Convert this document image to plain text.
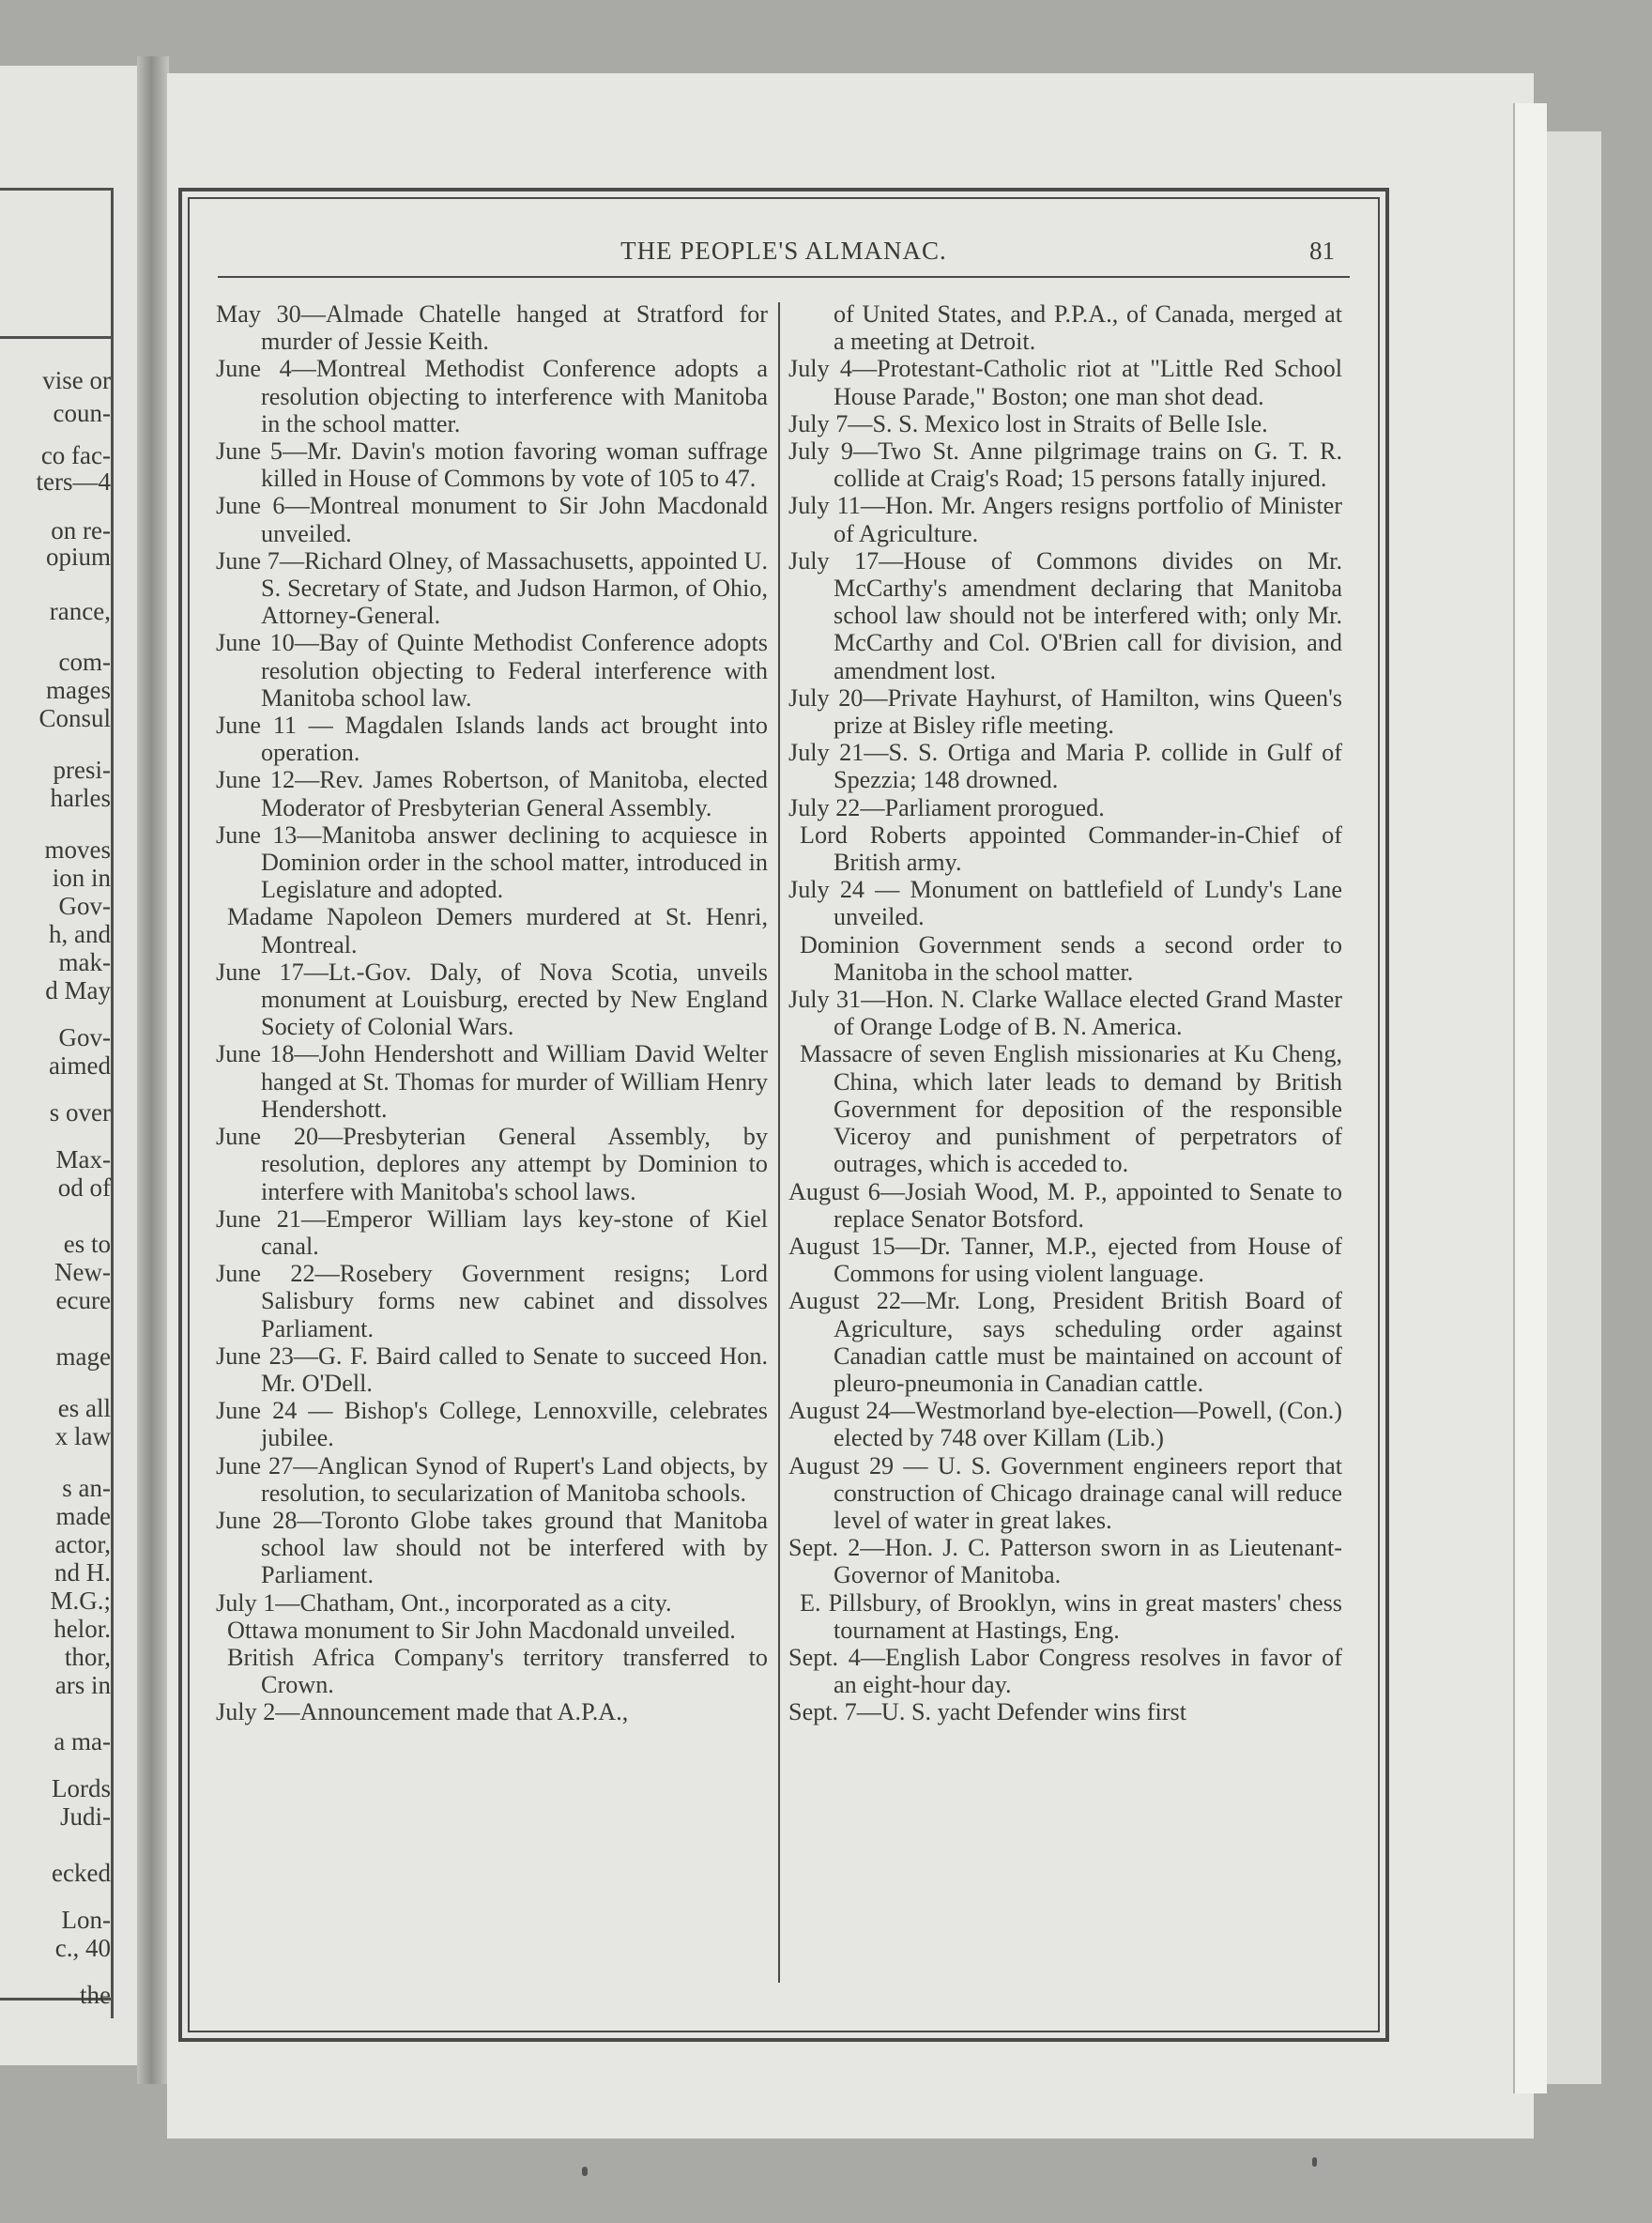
vise or
coun-
co fac-
ters—4
on re-
opium
rance,
com-
mages
Consul
presi-
harles
moves
ion in
Gov-
h, and
mak-
d May
Gov-
aimed
s over
Max-
od of
es to
New-
ecure
mage
es all
x law
s an-
made
actor,
nd H.
M.G.;
helor.
thor,
ars in
a ma-
Lords
Judi-
ecked
Lon-
c., 40
the
THE PEOPLE'S ALMANAC.	81

May 30—Almade Chatelle hanged at Stratford for murder of Jessie Keith.

June 4—Montreal Methodist Conference adopts a resolution objecting to interference with Manitoba in the school matter.

June 5—Mr. Davin's motion favoring woman suffrage killed in House of Commons by vote of 105 to 47.

June 6—Montreal monument to Sir John Macdonald unveiled.

June 7—Richard Olney, of Massachusetts, appointed U. S. Secretary of State, and Judson Harmon, of Ohio, Attorney-General.

June 10—Bay of Quinte Methodist Conference adopts resolution objecting to Federal interference with Manitoba school law.

June 11 — Magdalen Islands lands act brought into operation.

June 12—Rev. James Robertson, of Manitoba, elected Moderator of Presbyterian General Assembly.

June 13—Manitoba answer declining to acquiesce in Dominion order in the school matter, introduced in Legislature and adopted.

Madame Napoleon Demers murdered at St. Henri, Montreal.

June 17—Lt.-Gov. Daly, of Nova Scotia, unveils monument at Louisburg, erected by New England Society of Colonial Wars.

June 18—John Hendershott and William David Welter hanged at St. Thomas for murder of William Henry Hendershott.

June 20—Presbyterian General Assembly, by resolution, deplores any attempt by Dominion to interfere with Manitoba's school laws.

June 21—Emperor William lays key-stone of Kiel canal.

June 22—Rosebery Government resigns; Lord Salisbury forms new cabinet and dissolves Parliament.

June 23—G. F. Baird called to Senate to succeed Hon. Mr. O'Dell.

June 24 — Bishop's College, Lennoxville, celebrates jubilee.

June 27—Anglican Synod of Rupert's Land objects, by resolution, to secularization of Manitoba schools.

June 28—Toronto Globe takes ground that Manitoba school law should not be interfered with by Parliament.

July 1—Chatham, Ont., incorporated as a city.

Ottawa monument to Sir John Macdonald unveiled.

British Africa Company's territory transferred to Crown.

July 2—Announcement made that A.P.A.,

of United States, and P.P.A., of Canada, merged at a meeting at Detroit.

July 4—Protestant-Catholic riot at "Little Red School House Parade," Boston; one man shot dead.

July 7—S. S. Mexico lost in Straits of Belle Isle.

July 9—Two St. Anne pilgrimage trains on G. T. R. collide at Craig's Road; 15 persons fatally injured.

July 11—Hon. Mr. Angers resigns portfolio of Minister of Agriculture.

July 17—House of Commons divides on Mr. McCarthy's amendment declaring that Manitoba school law should not be interfered with; only Mr. McCarthy and Col. O'Brien call for division, and amendment lost.

July 20—Private Hayhurst, of Hamilton, wins Queen's prize at Bisley rifle meeting.

July 21—S. S. Ortiga and Maria P. collide in Gulf of Spezzia; 148 drowned.

July 22—Parliament prorogued.

Lord Roberts appointed Commander-in-Chief of British army.

July 24 — Monument on battlefield of Lundy's Lane unveiled.

Dominion Government sends a second order to Manitoba in the school matter.

July 31—Hon. N. Clarke Wallace elected Grand Master of Orange Lodge of B. N. America.

Massacre of seven English missionaries at Ku Cheng, China, which later leads to demand by British Government for deposition of the responsible Viceroy and punishment of perpetrators of outrages, which is acceded to.

August 6—Josiah Wood, M. P., appointed to Senate to replace Senator Botsford.

August 15—Dr. Tanner, M.P., ejected from House of Commons for using violent language.

August 22—Mr. Long, President British Board of Agriculture, says scheduling order against Canadian cattle must be maintained on account of pleuro-pneumonia in Canadian cattle.

August 24—Westmorland bye-election—Powell, (Con.) elected by 748 over Killam (Lib.)

August 29 — U. S. Government engineers report that construction of Chicago drainage canal will reduce level of water in great lakes.

Sept. 2—Hon. J. C. Patterson sworn in as Lieutenant-Governor of Manitoba.

E. Pillsbury, of Brooklyn, wins in great masters' chess tournament at Hastings, Eng.

Sept. 4—English Labor Congress resolves in favor of an eight-hour day.

Sept. 7—U. S. yacht Defender wins first
